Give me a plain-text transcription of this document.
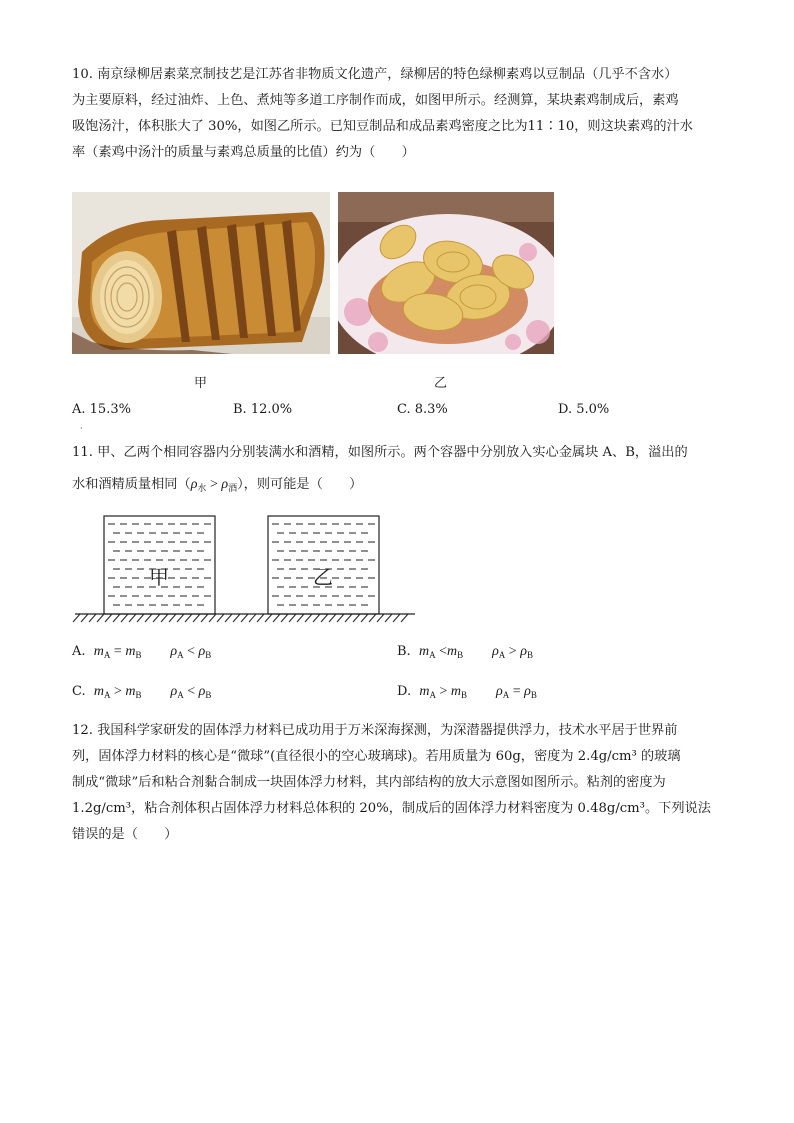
10. 南京绿柳居素菜烹制技艺是江苏省非物质文化遗产，绿柳居的特色绿柳素鸡以豆制品（几乎不含水）
为主要原料，经过油炸、上色、煮炖等多道工序制作而成，如图甲所示。经测算，某块素鸡制成后，素鸡
吸饱汤汁，体积胀大了 30%，如图乙所示。已知豆制品和成品素鸡密度之比为11∶10，则这块素鸡的汁水
率（素鸡中汤汁的质量与素鸡总质量的比值）约为（　　）
甲	乙
A. 15.3%	B. 12.0%	C. 8.3%	D. 5.0%
·
11. 甲、乙两个相同容器内分别装满水和酒精，如图所示。两个容器中分别放入实心金属块 A、B，溢出的
水和酒精质量相同$(\rho_水 > \rho_酒)$，则可能是（　　）
甲	乙
A. $m_A = m_B$ $\rho_A < \rho_B$	B. $m_A <m_B$ $\rho_A > \rho_B$
C. $m_A > m_B$ $\rho_A < \rho_B$	D. $m_A > m_B$ $\rho_A = \rho_B$
12. 我国科学家研发的固体浮力材料已成功用于万米深海探测，为深潜器提供浮力，技术水平居于世界前
列，固体浮力材料的核心是“微球”(直径很小的空心玻璃球)。若用质量为 60g，密度为 2.4g/cm³ 的玻璃
制成“微球”后和粘合剂黏合制成一块固体浮力材料，其内部结构的放大示意图如图所示。粘剂的密度为
1.2g/cm³，粘合剂体积占固体浮力材料总体积的 20%，制成后的固体浮力材料密度为 0.48g/cm³。下列说法
错误的是（　　）
